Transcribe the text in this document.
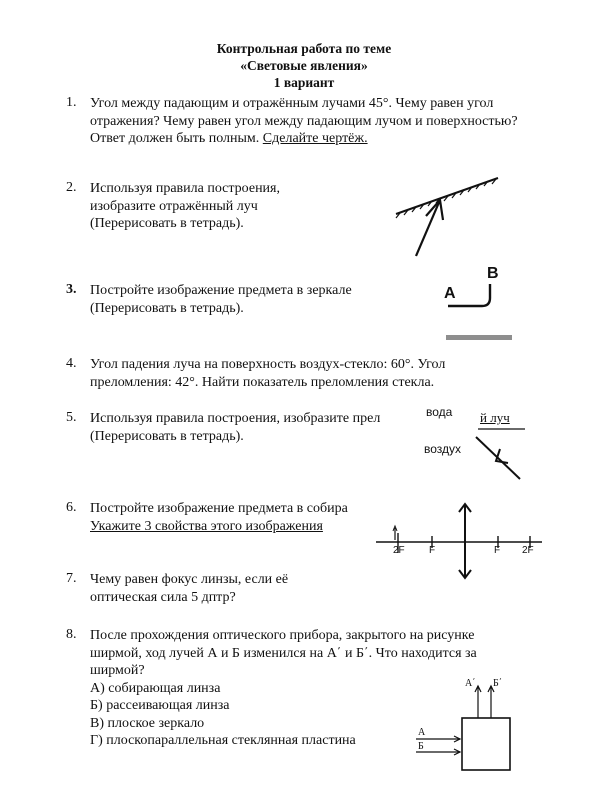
Контрольная работа по теме
«Световые явления»
1 вариант
1. Угол между падающим и отражённым лучами 45°. Чему равен угол
отражения? Чему равен угол между падающим лучом и поверхностью?
Ответ должен быть полным. Сделайте чертёж.
2. Используя правила построения,
изобразите отражённый луч
(Перерисовать в тетрадь).
3. Постройте изображение предмета в зеркале
(Перерисовать в тетрадь).
A
B
4. Угол падения луча на поверхность воздух-стекло: 60°. Угол
преломления: 42°. Найти показатель преломления стекла.
5. Используя правила построения, изобразите прел
(Перерисовать в тетрадь).
вода й луч
воздух
6. Постройте изображение предмета в собира
Укажите 3 свойства этого изображения
2F F	F 2F
7. Чему равен фокус линзы, если её
оптическая сила 5 дптр?
8. После прохождения оптического прибора, закрытого на рисунке
ширмой, ход лучей А и Б изменился на А΄ и Б΄. Что находится за
ширмой?
А) собирающая линза
Б) рассеивающая линза
В) плоское зеркало
Г) плоскопараллельная стеклянная пластина
А΄ Б΄
А
Б
